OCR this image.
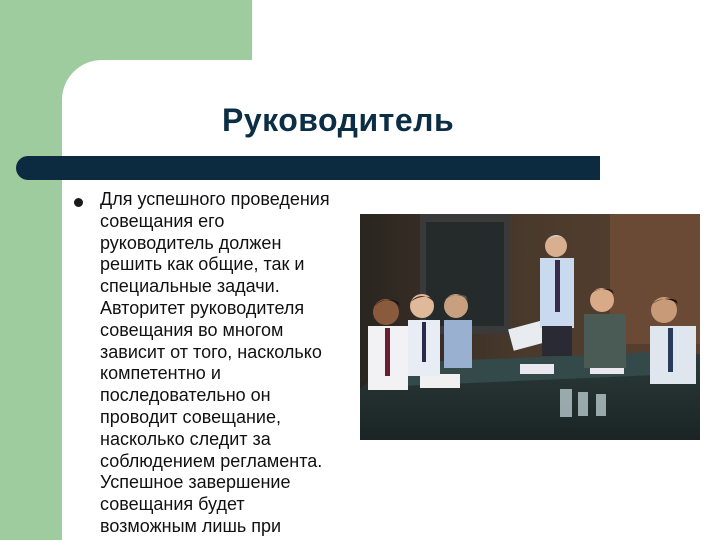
Руководитель

Для успешного проведения
совещания его
руководитель должен
решить как общие, так и
специальные задачи.
Авторитет руководителя
совещания во многом
зависит от того, насколько
компетентно и
последовательно он
проводит совещание,
насколько следит за
соблюдением регламента.
Успешное завершение
совещания будет
возможным лишь при
